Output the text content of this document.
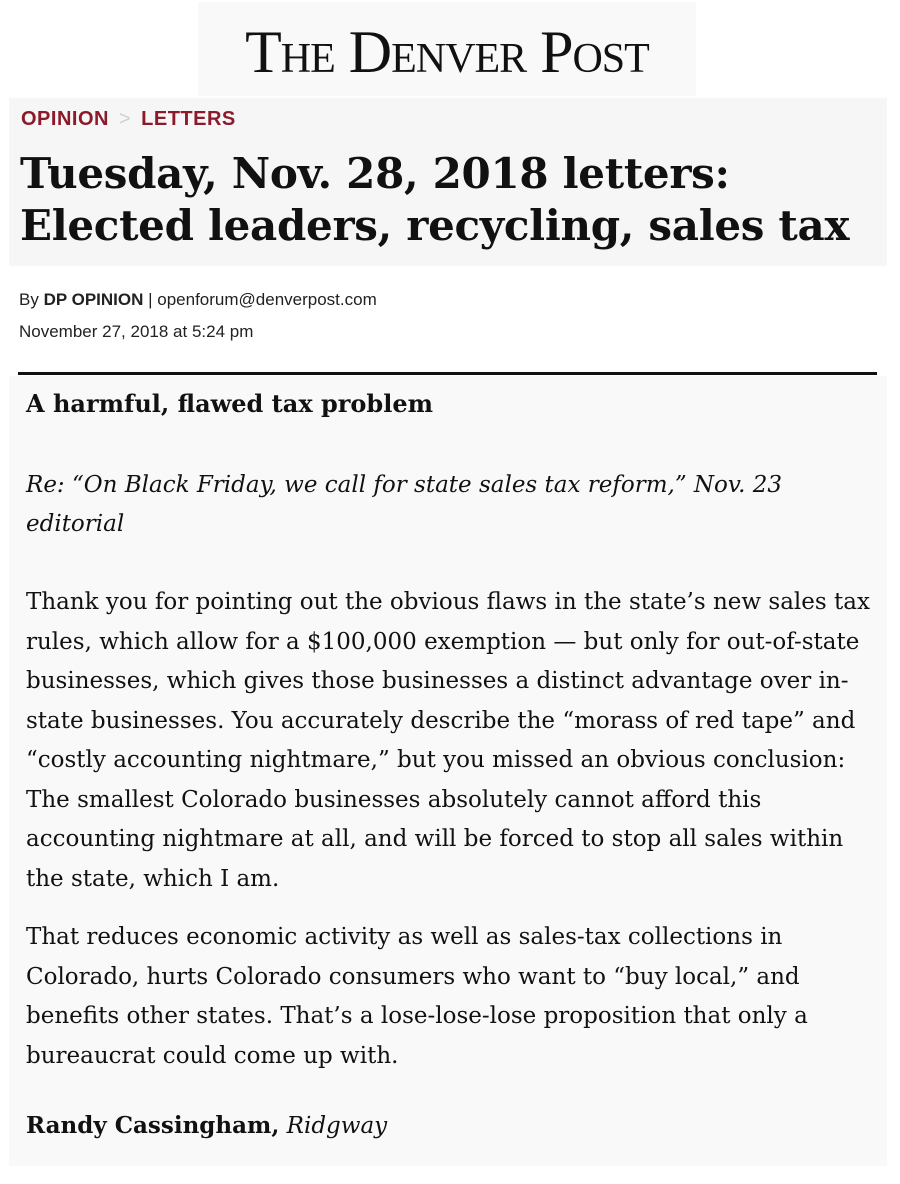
The Denver Post
OPINION > LETTERS
Tuesday, Nov. 28, 2018 letters: Elected leaders, recycling, sales tax
By DP OPINION | openforum@denverpost.com
November 27, 2018 at 5:24 pm
A harmful, flawed tax problem

Re: “On Black Friday, we call for state sales tax reform,” Nov. 23 editorial

Thank you for pointing out the obvious flaws in the state’s new sales tax rules, which allow for a $100,000 exemption — but only for out-of-state businesses, which gives those businesses a distinct advantage over in-state businesses. You accurately describe the “morass of red tape” and “costly accounting nightmare,” but you missed an obvious conclusion: The smallest Colorado businesses absolutely cannot afford this accounting nightmare at all, and will be forced to stop all sales within the state, which I am.

That reduces economic activity as well as sales-tax collections in Colorado, hurts Colorado consumers who want to “buy local,” and benefits other states. That’s a lose-lose-lose proposition that only a bureaucrat could come up with.

Randy Cassingham, Ridgway
